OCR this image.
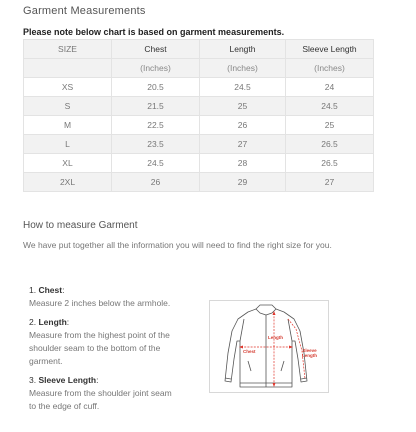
Garment Measurements
Please note below chart is based on garment measurements.
SIZE	Chest	Length	Sleeve Length
	(Inches)	(Inches)	(Inches)
XS	20.5	24.5	24
S	21.5	25	24.5
M	22.5	26	25
L	23.5	27	26.5
XL	24.5	28	26.5
2XL	26	29	27
How to measure Garment
We have put together all the information you will need to find the right size for you.
1. Chest:
Measure 2 inches below the armhole.
2. Length:
Measure from the highest point of the
shoulder seam to the bottom of the
garment.
3. Sleeve Length:
Measure from the shoulder joint seam
to the edge of cuff.
Length
Chest	Sleeve
Length
